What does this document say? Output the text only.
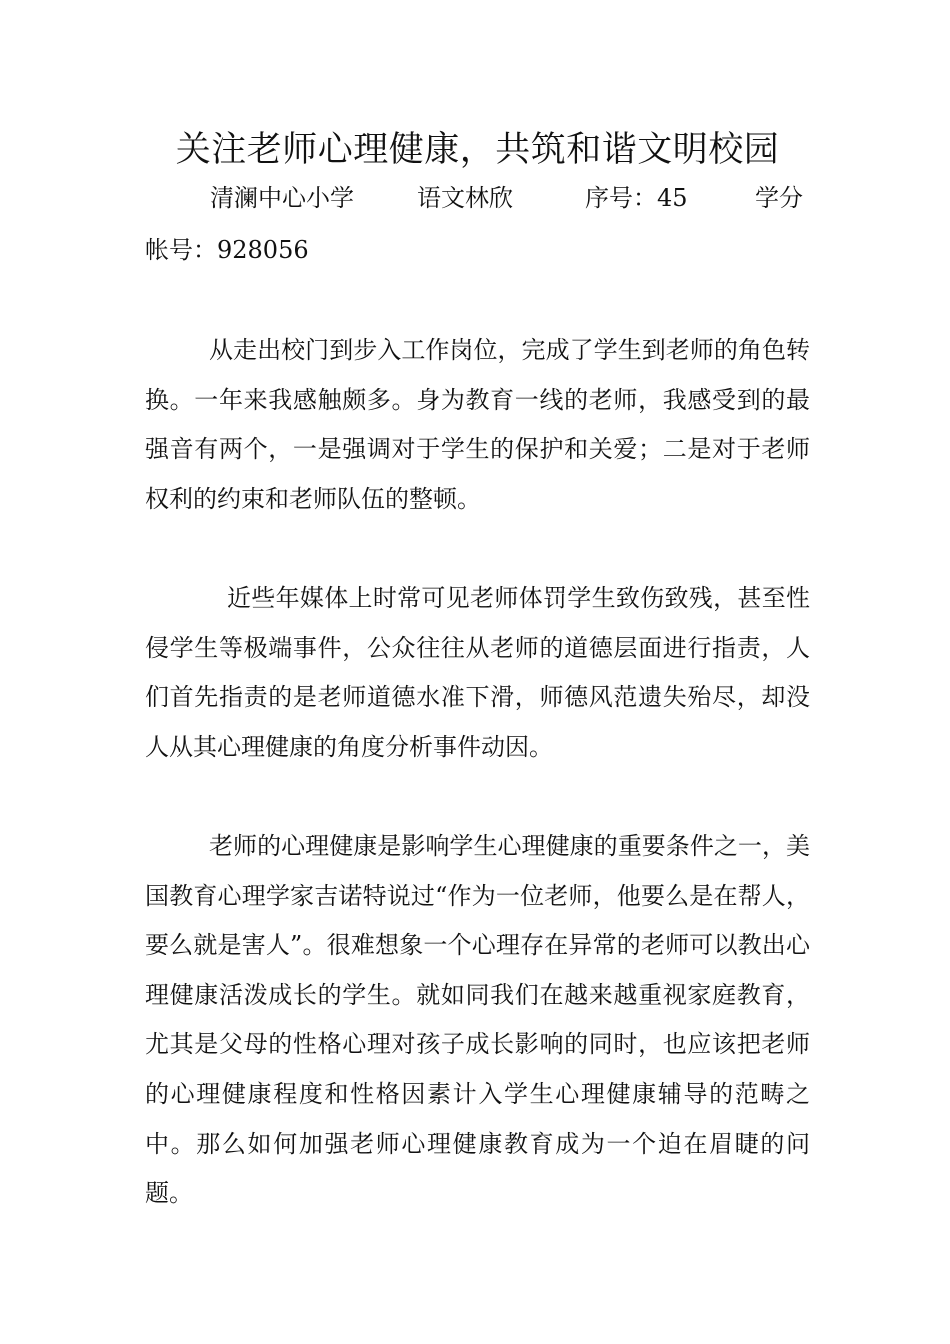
关注老师心理健康，共筑和谐文明校园
清澜中心小学	语文林欣	序号：45	学分
帐号：928056

从走出校门到步入工作岗位，完成了学生到老师的角色转换。一年来我感触颇多。身为教育一线的老师，我感受到的最强音有两个，一是强调对于学生的保护和关爱；二是对于老师权利的约束和老师队伍的整顿。

近些年媒体上时常可见老师体罚学生致伤致残，甚至性侵学生等极端事件，公众往往从老师的道德层面进行指责，人们首先指责的是老师道德水准下滑，师德风范遗失殆尽，却没人从其心理健康的角度分析事件动因。

老师的心理健康是影响学生心理健康的重要条件之一，美国教育心理学家吉诺特说过“作为一位老师，他要么是在帮人，要么就是害人”。很难想象一个心理存在异常的老师可以教出心理健康活泼成长的学生。就如同我们在越来越重视家庭教育，尤其是父母的性格心理对孩子成长影响的同时，也应该把老师的心理健康程度和性格因素计入学生心理健康辅导的范畴之中。那么如何加强老师心理健康教育成为一个迫在眉睫的问题。
